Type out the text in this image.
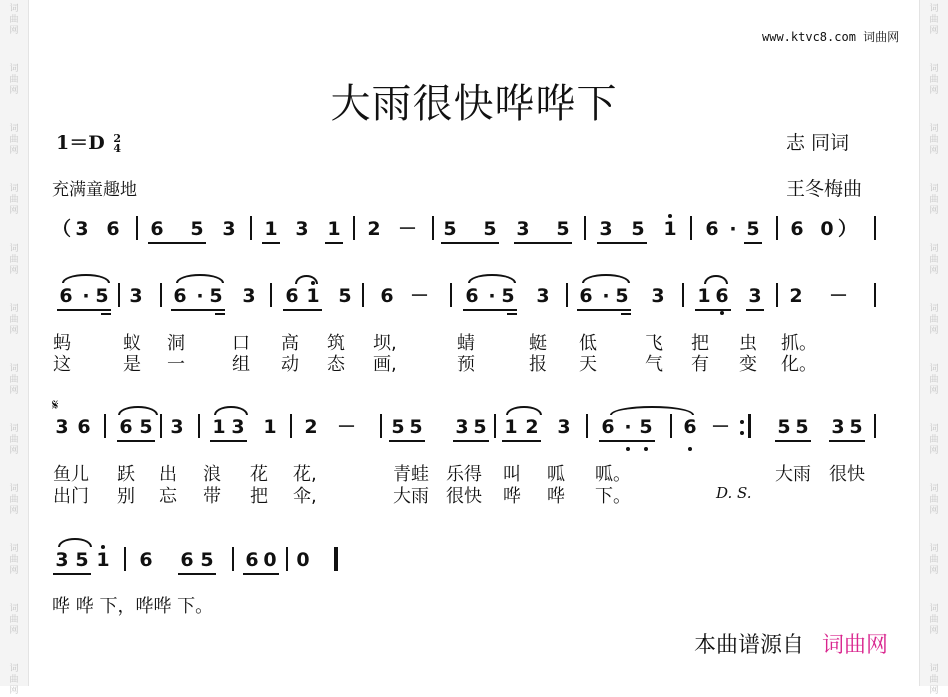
www.ktvc8.com 词曲网
大雨很快哗哗下
1＝D 2
4	志 同词
王冬梅曲
充满童趣地
词
曲
网
词
曲
网
词
曲
网
词
曲
网
词
曲
网
词
曲
网
词
曲
网
词
曲
网
词
曲
网
词
曲
网
词
曲
网
词
曲
网
词
曲
网
词
曲
网
词
曲
网
词
曲
网
词
曲
网
词
曲
网
词
曲
网
词
曲
网
词
曲
网
词
曲
网
词
曲
网
词
曲
网
（	）
3 6 6 5 3 1 3 1 2 － 5 5 3 5 3 5 1 6 · 5 6 0
6 · 5 3 6 · 5 3 6 1 5 6 － 6 · 5 3 6 · 5 3 1 6 3 2 －
蚂	蚁 洞	口 高 筑 坝,	蜻	蜓 低	飞 把 虫 抓。
这	是 一	组 动 态 画,	预	报 天	气 有 变 化。
𝄋
3 6 6 5 3 1 3 1 2 － 5 5 3 5 1 2 3 6 · 5 6 － 5 5 3 5
鱼儿 跃 出 浪 花 花,	青蛙 乐得 叫 呱 呱。	大雨 很快
出门 别 忘 带 把 伞,	大雨 很快 哗 哗 下。	D. S.
3 5 1 6 6 5 6 0 0
哗 哗 下，哗哗 下。
本曲谱源自 词曲网
